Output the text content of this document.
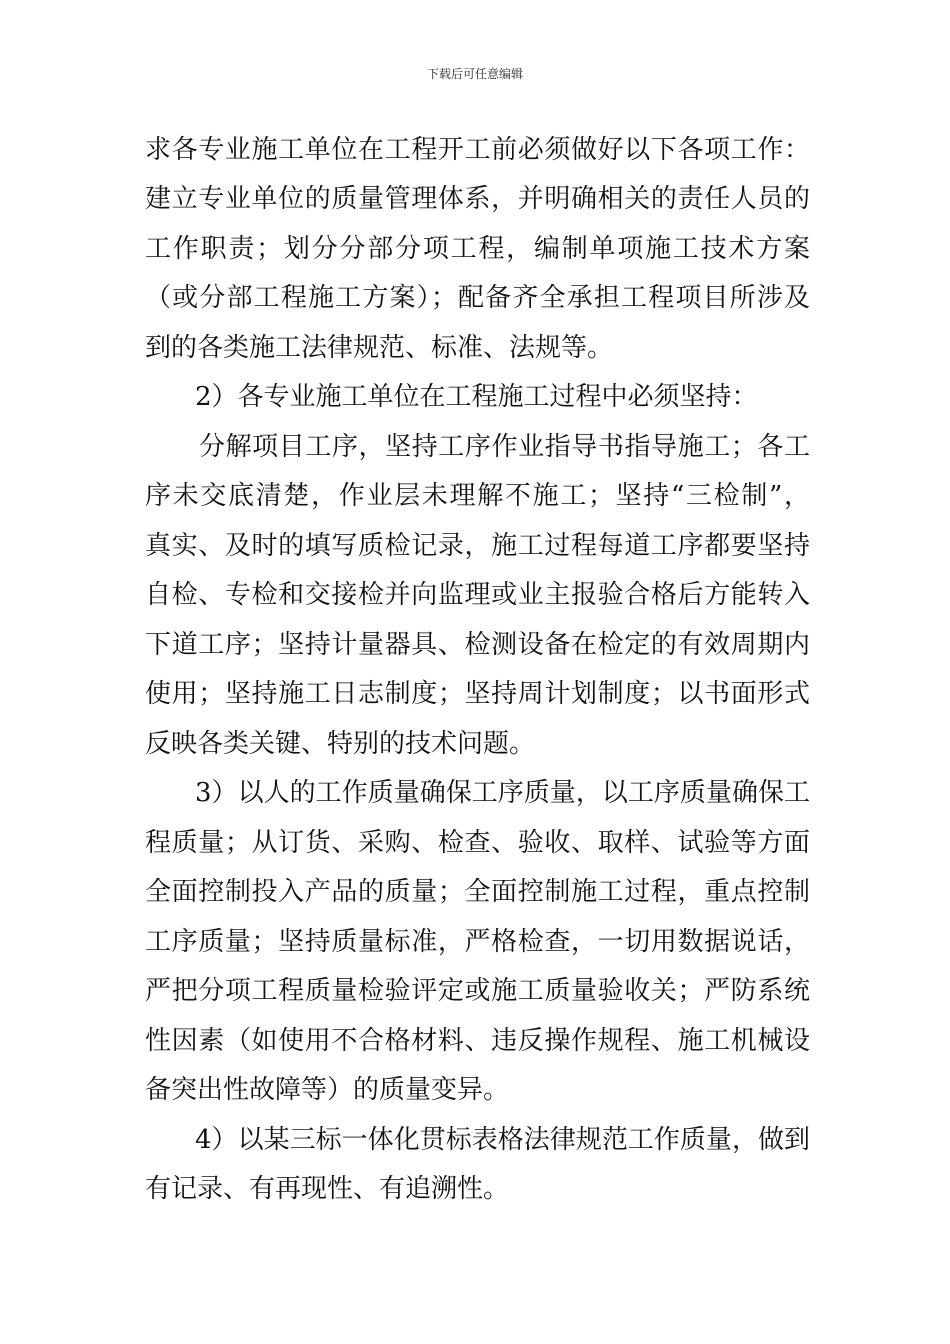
下载后可任意编辑
求各专业施工单位在工程开工前必须做好以下各项工作：
建立专业单位的质量管理体系，并明确相关的责任人员的
工作职责；划分分部分项工程，编制单项施工技术方案
（或分部工程施工方案）；配备齐全承担工程项目所涉及
到的各类施工法律规范、标准、法规等。
2）各专业施工单位在工程施工过程中必须坚持：
分解项目工序，坚持工序作业指导书指导施工；各工
序未交底清楚，作业层未理解不施工；坚持“三检制”，
真实、及时的填写质检记录，施工过程每道工序都要坚持
自检、专检和交接检并向监理或业主报验合格后方能转入
下道工序；坚持计量器具、检测设备在检定的有效周期内
使用；坚持施工日志制度；坚持周计划制度；以书面形式
反映各类关键、特别的技术问题。
3）以人的工作质量确保工序质量，以工序质量确保工
程质量；从订货、采购、检查、验收、取样、试验等方面
全面控制投入产品的质量；全面控制施工过程，重点控制
工序质量；坚持质量标准，严格检查，一切用数据说话，
严把分项工程质量检验评定或施工质量验收关；严防系统
性因素（如使用不合格材料、违反操作规程、施工机械设
备突出性故障等）的质量变异。
4）以某三标一体化贯标表格法律规范工作质量，做到
有记录、有再现性、有追溯性。
